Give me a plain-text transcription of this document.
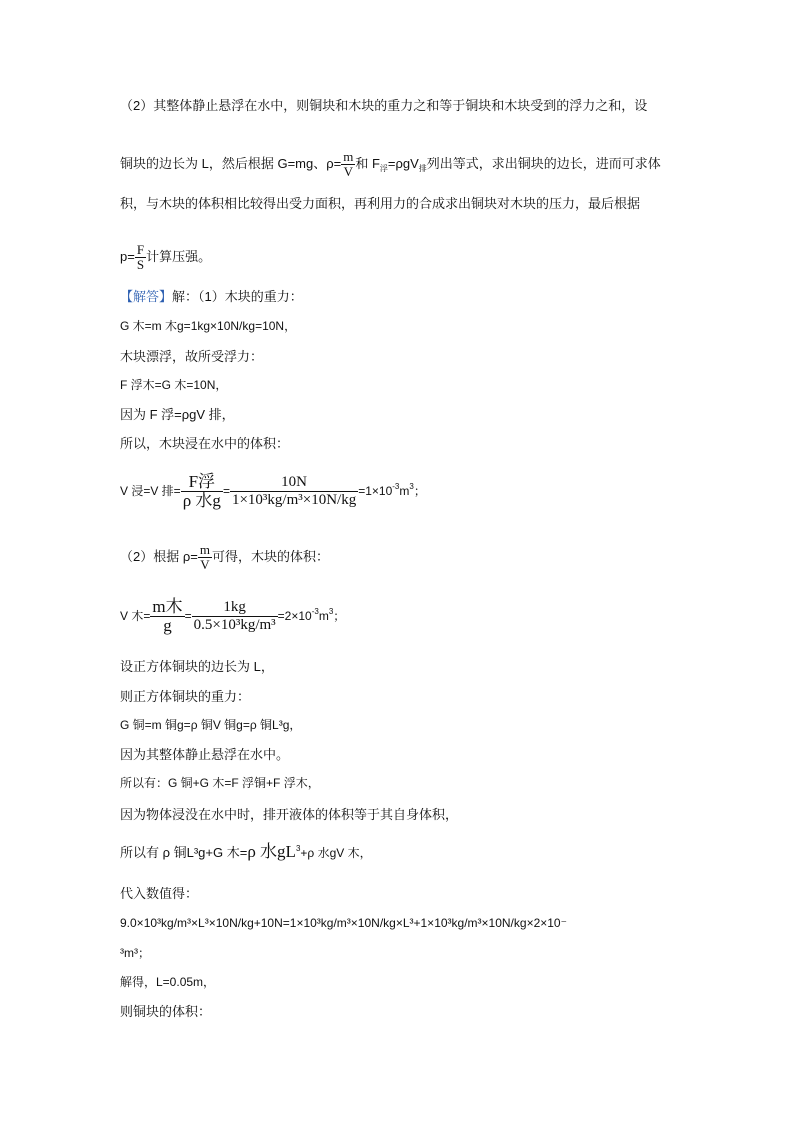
（2）其整体静止悬浮在水中，则铜块和木块的重力之和等于铜块和木块受到的浮力之和，设
铜块的边长为 L，然后根据 G=mg、$\rho= \frac{m}{V}$ 和 $F_浮=\rho gV_排$列出等式，求出铜块的边长，进而可求体
积，与木块的体积相比较得出受力面积，再利用力的合成求出铜块对木块的压力，最后根据
$p= \frac{F}{S}$ 计算压强。
【解答】解：（1）木块的重力：
G 木=m 木g=1kg×10N/kg=10N，
木块漂浮，故所受浮力：
F 浮木=G 木=10N，
因为 F 浮=ρgV 排，
所以，木块浸在水中的体积：
V 浸=V 排= $\frac{\text{F浮}}{\text{ρ 水g}} = \frac{10N}{\text{1×10³kg/m³×10N/kg}} =1\times 10^{-3}m^3$；
（2）根据 $\rho= \frac{m}{V}$ 可得，木块的体积：
V 木= $\frac{\text{m木}}{g} = \frac{1kg}{\text{0.5×10³kg/m³}} =2\times 10^{-3}m^3$；
设正方体铜块的边长为 L，
则正方体铜块的重力：
G 铜=m 铜g=ρ 铜V 铜g=ρ 铜L³g，
因为其整体静止悬浮在水中。
所以有：G 铜+G 木=F 浮铜+F 浮木，
因为物体浸没在水中时，排开液体的体积等于其自身体积，
所以有 ρ 铜L³g+G 木=ρ 水$gL^3+\rho$ 水gV 木，
代入数值得：
9.0×10³kg/m³×L³×10N/kg+10N=1×10³kg/m³×10N/kg×L³+1×10³kg/m³×10N/kg×2×10⁻
³m³；
解得，L=0.05m，
则铜块的体积：
